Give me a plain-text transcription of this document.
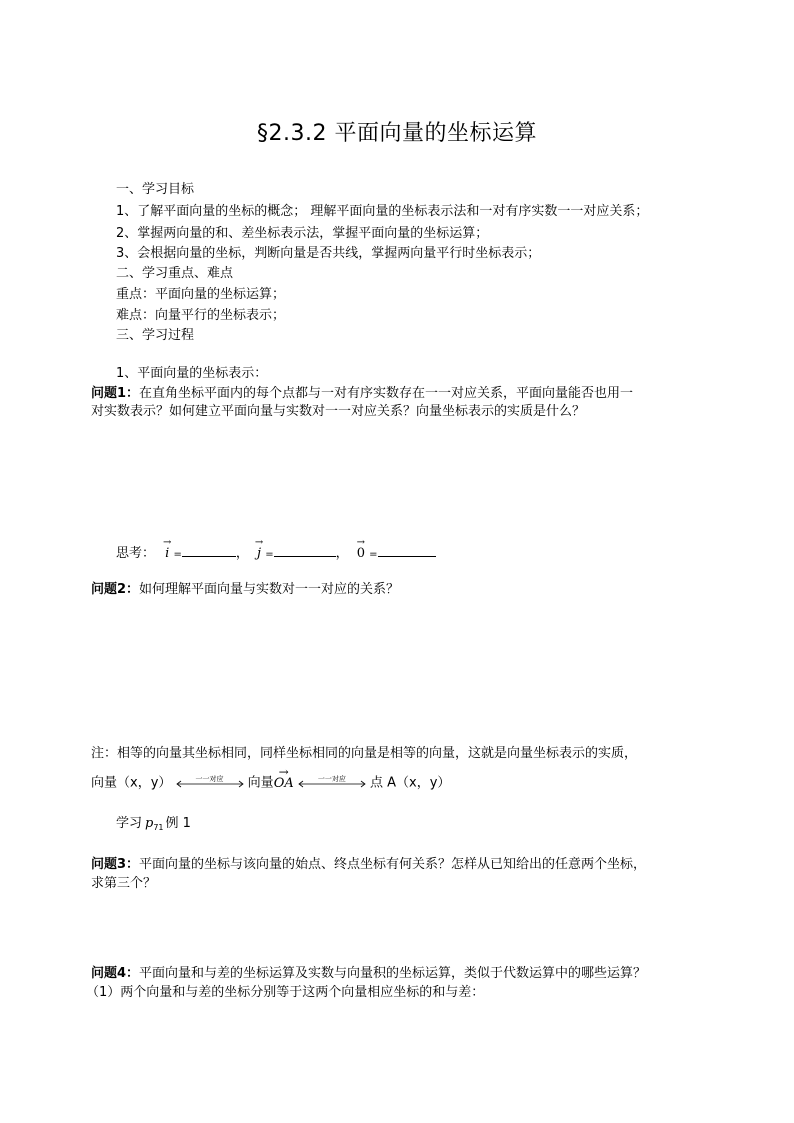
§2.3.2 平面向量的坐标运算
一、学习目标
1、了解平面向量的坐标的概念； 理解平面向量的坐标表示法和一对有序实数一一对应关系；
2、掌握两向量的和、差坐标表示法，掌握平面向量的坐标运算；
3、会根据向量的坐标，判断向量是否共线，掌握两向量平行时坐标表示；
二、学习重点、难点
重点：平面向量的坐标运算；
难点：向量平行的坐标表示；
三、学习过程
1、平面向量的坐标表示：
问题1：在直角坐标平面内的每个点都与一对有序实数存在一一对应关系，平面向量能否也用一
对实数表示？如何建立平面向量与实数对一一对应关系？向量坐标表示的实质是什么？
思考：
→
i =	，
→
j =	，
→
0 =
问题2：如何理解平面向量与实数对一一对应的关系？
注：相等的向量其坐标相同，同样坐标相同的向量是相等的向量，这就是向量坐标表示的实质，
向量（x，y）	一一对应	向量
→
OA	一一对应	点 A（x，y）
学习 $p_{71}$ 例 1
问题3：平面向量的坐标与该向量的始点、终点坐标有何关系？怎样从已知给出的任意两个坐标，
求第三个？
问题4：平面向量和与差的坐标运算及实数与向量积的坐标运算，类似于代数运算中的哪些运算？
（1）两个向量和与差的坐标分别等于这两个向量相应坐标的和与差：
